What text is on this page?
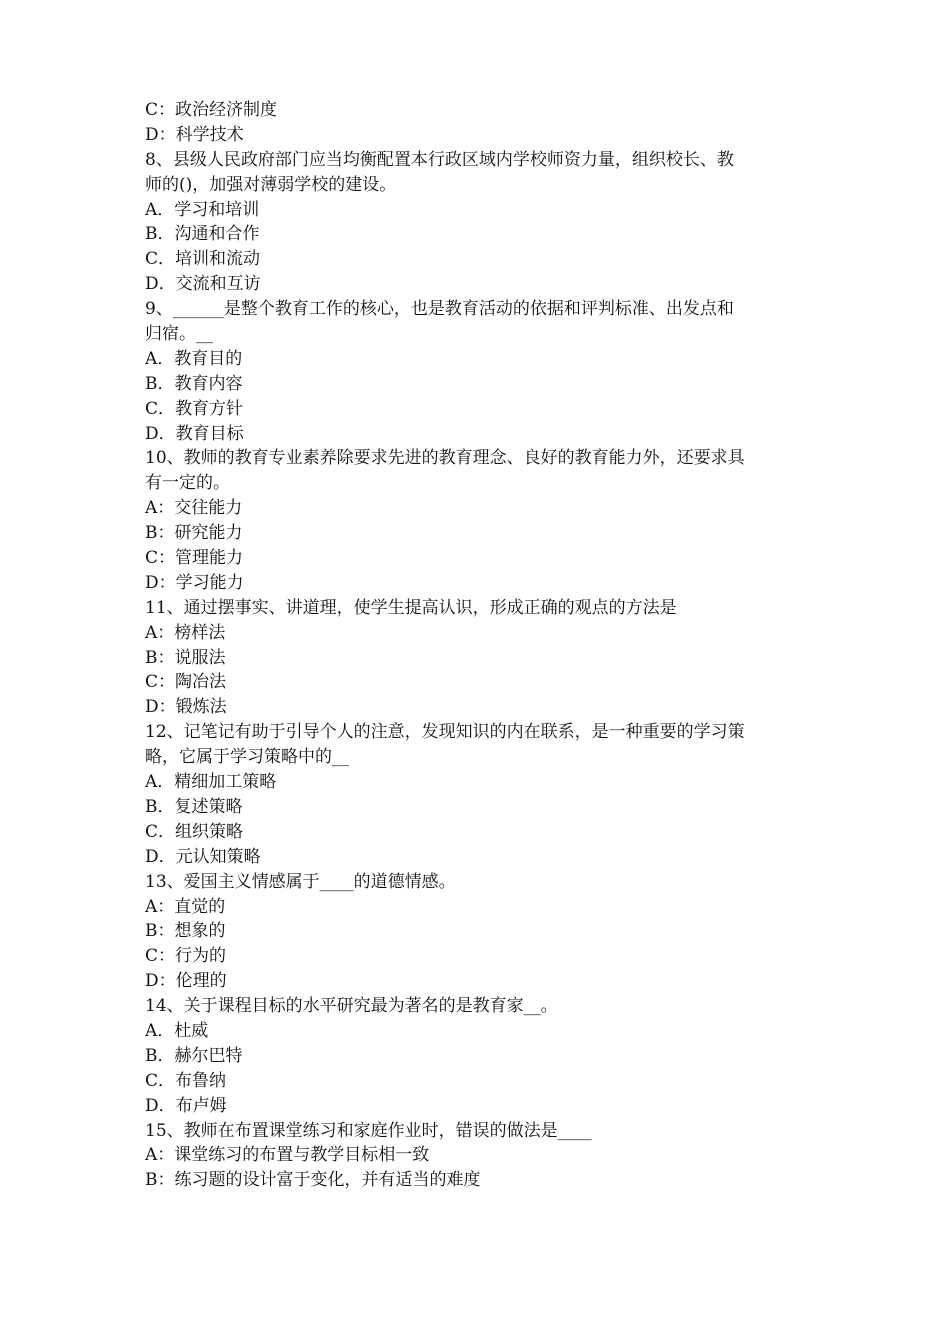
C：政治经济制度

D：科学技术

8、县级人民政府部门应当均衡配置本行政区域内学校师资力量，组织校长、教

师的()，加强对薄弱学校的建设。

A．学习和培训

B．沟通和合作

C．培训和流动

D．交流和互访

9、______是整个教育工作的核心，也是教育活动的依据和评判标准、出发点和

归宿。__

A．教育目的

B．教育内容

C．教育方针

D．教育目标

10、教师的教育专业素养除要求先进的教育理念、良好的教育能力外，还要求具

有一定的。

A：交往能力

B：研究能力

C：管理能力

D：学习能力

11、通过摆事实、讲道理，使学生提高认识，形成正确的观点的方法是

A：榜样法

B：说服法

C：陶冶法

D：锻炼法

12、记笔记有助于引导个人的注意，发现知识的内在联系，是一种重要的学习策

略，它属于学习策略中的__

A．精细加工策略

B．复述策略

C．组织策略

D．元认知策略

13、爱国主义情感属于____的道德情感。

A：直觉的

B：想象的

C：行为的

D：伦理的

14、关于课程目标的水平研究最为著名的是教育家__。

A．杜威

B．赫尔巴特

C．布鲁纳

D．布卢姆

15、教师在布置课堂练习和家庭作业时，错误的做法是____

A：课堂练习的布置与教学目标相一致

B：练习题的设计富于变化，并有适当的难度
